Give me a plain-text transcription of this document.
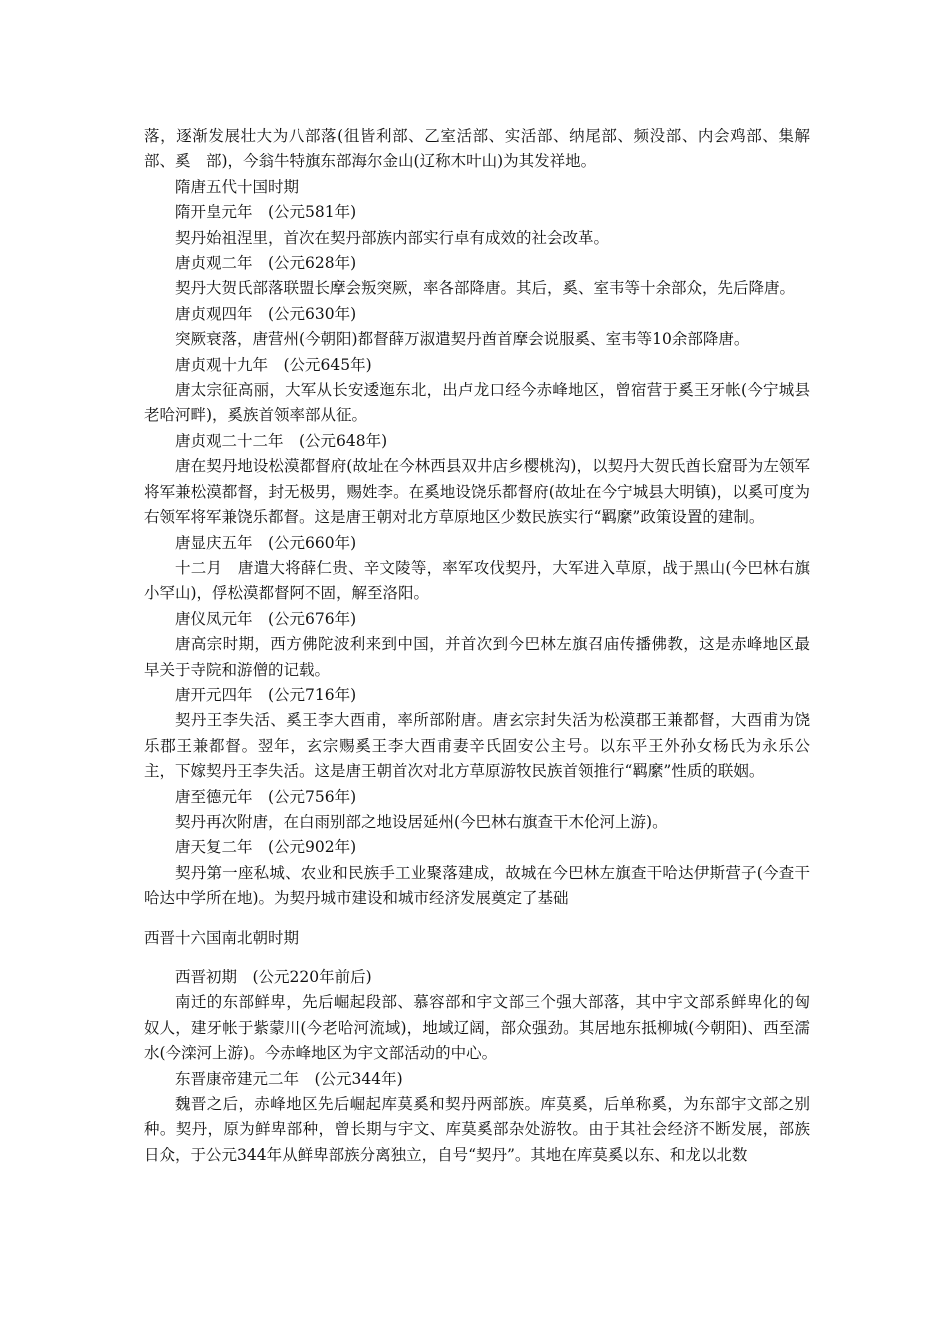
落，逐渐发展壮大为八部落(徂皆利部、乙室活部、实活部、纳尾部、频没部、内会鸡部、集解部、奚　部)，今翁牛特旗东部海尔金山(辽称木叶山)为其发祥地。

隋唐五代十国时期

隋开皇元年　(公元581年)

契丹始祖涅里，首次在契丹部族内部实行卓有成效的社会改革。

唐贞观二年　(公元628年)

契丹大贺氏部落联盟长摩会叛突厥，率各部降唐。其后，奚、室韦等十余部众，先后降唐。

唐贞观四年　(公元630年)

突厥衰落，唐营州(今朝阳)都督薛万淑遣契丹酋首摩会说服奚、室韦等10余部降唐。

唐贞观十九年　(公元645年)

唐太宗征高丽，大军从长安逶迤东北，出卢龙口经今赤峰地区，曾宿营于奚王牙帐(今宁城县老哈河畔)，奚族首领率部从征。

唐贞观二十二年　(公元648年)

唐在契丹地设松漠都督府(故址在今林西县双井店乡樱桃沟)，以契丹大贺氏酋长窟哥为左领军将军兼松漠都督，封无极男，赐姓李。在奚地设饶乐都督府(故址在今宁城县大明镇)，以奚可度为右领军将军兼饶乐都督。这是唐王朝对北方草原地区少数民族实行“羁縻”政策设置的建制。

唐显庆五年　(公元660年)

十二月　唐遣大将薛仁贵、辛文陵等，率军攻伐契丹，大军进入草原，战于黑山(今巴林右旗小罕山)，俘松漠都督阿不固，解至洛阳。

唐仪凤元年　(公元676年)

唐高宗时期，西方佛陀波利来到中国，并首次到今巴林左旗召庙传播佛教，这是赤峰地区最早关于寺院和游僧的记载。

唐开元四年　(公元716年)

契丹王李失活、奚王李大酉甫，率所部附唐。唐玄宗封失活为松漠郡王兼都督，大酉甫为饶乐郡王兼都督。翌年，玄宗赐奚王李大酉甫妻辛氏固安公主号。以东平王外孙女杨氏为永乐公主，下嫁契丹王李失活。这是唐王朝首次对北方草原游牧民族首领推行“羁縻”性质的联姻。

唐至德元年　(公元756年)

契丹再次附唐，在白雨别部之地设居延州(今巴林右旗查干木伦河上游)。

唐天复二年　(公元902年)

契丹第一座私城、农业和民族手工业聚落建成，故城在今巴林左旗查干哈达伊斯营子(今查干哈达中学所在地)。为契丹城市建设和城市经济发展奠定了基础

西晋十六国南北朝时期

西晋初期　(公元220年前后)

南迁的东部鲜卑，先后崛起段部、慕容部和宇文部三个强大部落，其中宇文部系鲜卑化的匈奴人，建牙帐于紫蒙川(今老哈河流域)，地域辽阔，部众强劲。其居地东抵柳城(今朝阳)、西至濡水(今滦河上游)。今赤峰地区为宇文部活动的中心。

东晋康帝建元二年　(公元344年)

魏晋之后，赤峰地区先后崛起库莫奚和契丹两部族。库莫奚，后单称奚，为东部宇文部之别种。契丹，原为鲜卑部种，曾长期与宇文、库莫奚部杂处游牧。由于其社会经济不断发展，部族日众，于公元344年从鲜卑部族分离独立，自号“契丹”。其地在库莫奚以东、和龙以北数
